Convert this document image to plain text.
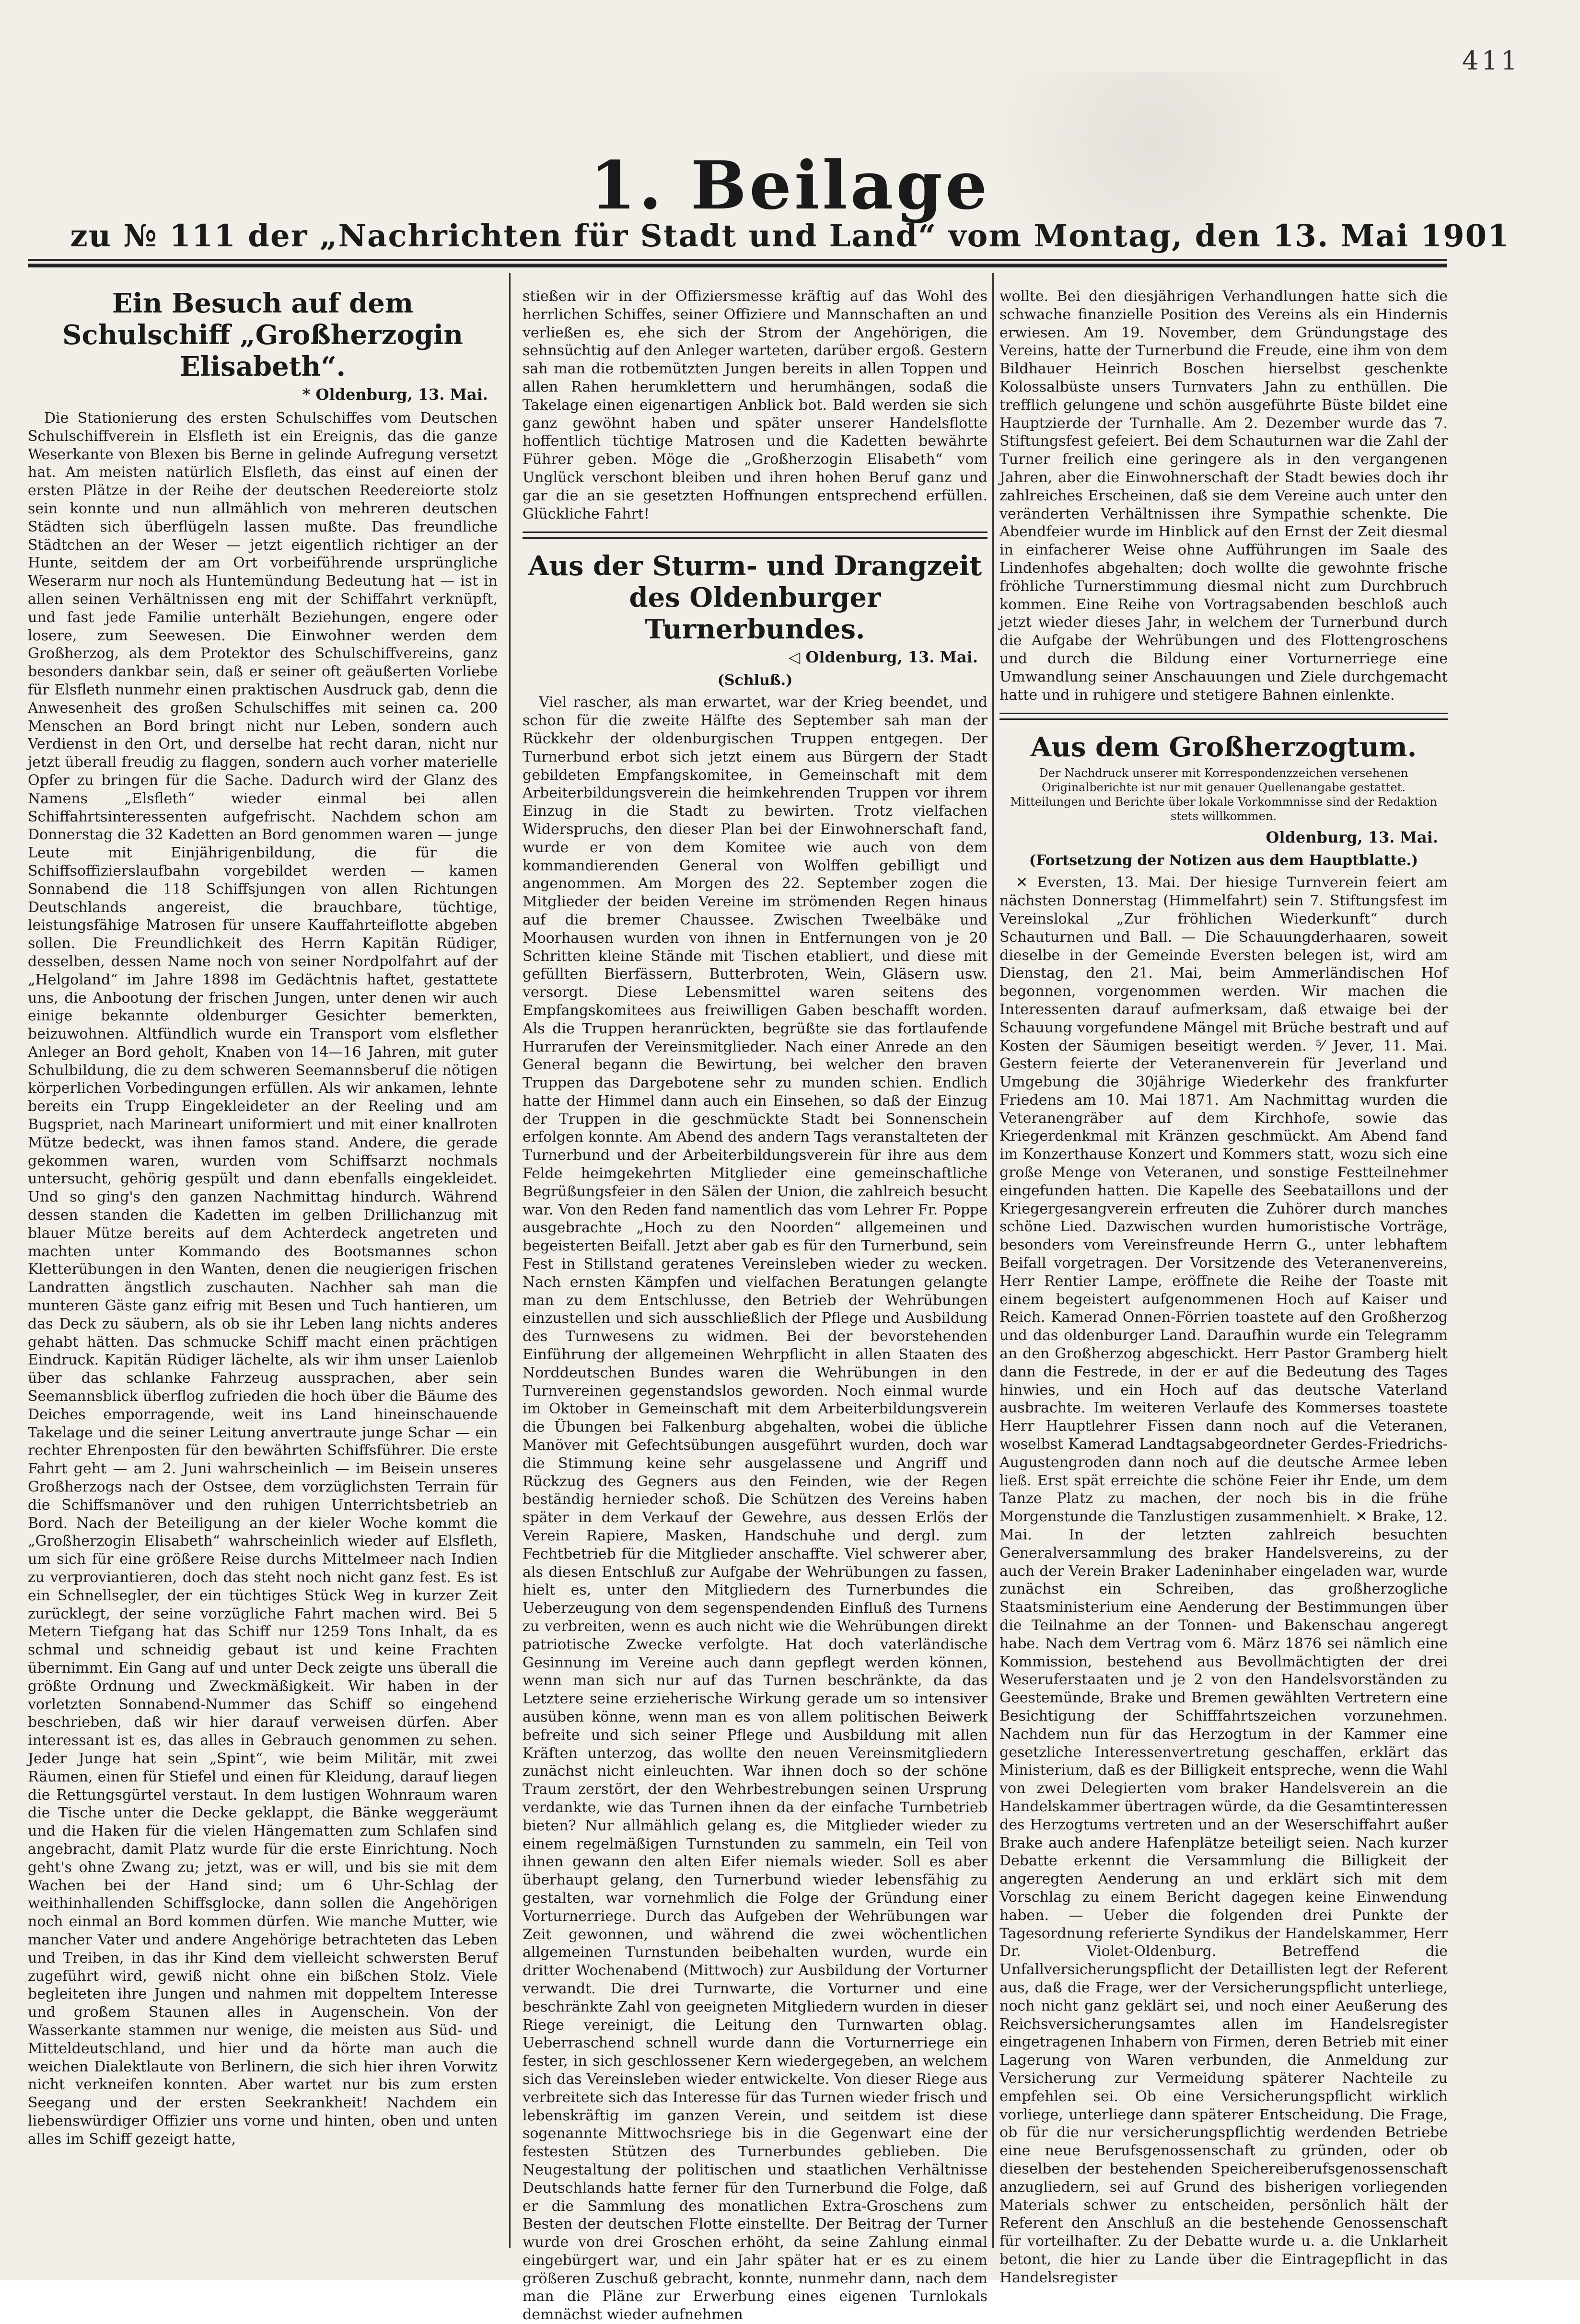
411
1. Beilage
zu № 111 der „Nachrichten für Stadt und Land“ vom Montag, den 13. Mai 1901
Ein Besuch auf dem Schulschiff „Großherzogin Elisabeth“.
* Oldenburg, 13. Mai.

Die Stationierung des ersten Schulschiffes vom Deutschen Schulschiffverein in Elsfleth ist ein Ereignis, das die ganze Weserkante von Blexen bis Berne in gelinde Aufregung versetzt hat. Am meisten natürlich Elsfleth, das einst auf einen der ersten Plätze in der Reihe der deutschen Reedereiorte stolz sein konnte und nun allmählich von mehreren deutschen Städten sich überflügeln lassen mußte. Das freundliche Städtchen an der Weser — jetzt eigentlich richtiger an der Hunte, seitdem der am Ort vorbeiführende ursprüngliche Weserarm nur noch als Huntemündung Bedeutung hat — ist in allen seinen Verhältnissen eng mit der Schiffahrt verknüpft, und fast jede Familie unterhält Beziehungen, engere oder losere, zum Seewesen. Die Einwohner werden dem Großherzog, als dem Protektor des Schulschiffvereins, ganz besonders dankbar sein, daß er seiner oft geäußerten Vorliebe für Elsfleth nunmehr einen praktischen Ausdruck gab, denn die Anwesenheit des großen Schulschiffes mit seinen ca. 200 Menschen an Bord bringt nicht nur Leben, sondern auch Verdienst in den Ort, und derselbe hat recht daran, nicht nur jetzt überall freudig zu flaggen, sondern auch vorher materielle Opfer zu bringen für die Sache. Dadurch wird der Glanz des Namens „Elsfleth“ wieder einmal bei allen Schiffahrtsinteressenten aufgefrischt. Nachdem schon am Donnerstag die 32 Kadetten an Bord genommen waren — junge Leute mit Einjährigenbildung, die für die Schiffsoffizierslaufbahn vorgebildet werden — kamen Sonnabend die 118 Schiffsjungen von allen Richtungen Deutschlands angereist, die brauchbare, tüchtige, leistungsfähige Matrosen für unsere Kauffahrteiflotte abgeben sollen. Die Freundlichkeit des Herrn Kapitän Rüdiger, desselben, dessen Name noch von seiner Nordpolfahrt auf der „Helgoland“ im Jahre 1898 im Gedächtnis haftet, gestattete uns, die Anbootung der frischen Jungen, unter denen wir auch einige bekannte oldenburger Gesichter bemerkten, beizuwohnen. Altfündlich wurde ein Transport vom elsflether Anleger an Bord geholt, Knaben von 14—16 Jahren, mit guter Schulbildung, die zu dem schweren Seemannsberuf die nötigen körperlichen Vorbedingungen erfüllen. Als wir ankamen, lehnte bereits ein Trupp Eingekleideter an der Reeling und am Bugspriet, nach Marineart uniformiert und mit einer knallroten Mütze bedeckt, was ihnen famos stand. Andere, die gerade gekommen waren, wurden vom Schiffsarzt nochmals untersucht, gehörig gespült und dann ebenfalls eingekleidet. Und so ging's den ganzen Nachmittag hindurch. Während dessen standen die Kadetten im gelben Drillichanzug mit blauer Mütze bereits auf dem Achterdeck angetreten und machten unter Kommando des Bootsmannes schon Kletterübungen in den Wanten, denen die neugierigen frischen Landratten ängstlich zuschauten. Nachher sah man die munteren Gäste ganz eifrig mit Besen und Tuch hantieren, um das Deck zu säubern, als ob sie ihr Leben lang nichts anderes gehabt hätten. Das schmucke Schiff macht einen prächtigen Eindruck. Kapitän Rüdiger lächelte, als wir ihm unser Laienlob über das schlanke Fahrzeug aussprachen, aber sein Seemannsblick überflog zufrieden die hoch über die Bäume des Deiches emporragende, weit ins Land hineinschauende Takelage und die seiner Leitung anvertraute junge Schar — ein rechter Ehrenposten für den bewährten Schiffsführer. Die erste Fahrt geht — am 2. Juni wahrscheinlich — im Beisein unseres Großherzogs nach der Ostsee, dem vorzüglichsten Terrain für die Schiffsmanöver und den ruhigen Unterrichtsbetrieb an Bord. Nach der Beteiligung an der kieler Woche kommt die „Großherzogin Elisabeth“ wahrscheinlich wieder auf Elsfleth, um sich für eine größere Reise durchs Mittelmeer nach Indien zu verproviantieren, doch das steht noch nicht ganz fest. Es ist ein Schnellsegler, der ein tüchtiges Stück Weg in kurzer Zeit zurücklegt, der seine vorzügliche Fahrt machen wird. Bei 5 Metern Tiefgang hat das Schiff nur 1259 Tons Inhalt, da es schmal und schneidig gebaut ist und keine Frachten übernimmt. Ein Gang auf und unter Deck zeigte uns überall die größte Ordnung und Zweckmäßigkeit. Wir haben in der vorletzten Sonnabend-Nummer das Schiff so eingehend beschrieben, daß wir hier darauf verweisen dürfen. Aber interessant ist es, das alles in Gebrauch genommen zu sehen. Jeder Junge hat sein „Spint“, wie beim Militär, mit zwei Räumen, einen für Stiefel und einen für Kleidung, darauf liegen die Rettungsgürtel verstaut. In dem lustigen Wohnraum waren die Tische unter die Decke geklappt, die Bänke weggeräumt und die Haken für die vielen Hängematten zum Schlafen sind angebracht, damit Platz wurde für die erste Einrichtung. Noch geht's ohne Zwang zu; jetzt, was er will, und bis sie mit dem Wachen bei der Hand sind; um 6 Uhr-Schlag der weithinhallenden Schiffsglocke, dann sollen die Angehörigen noch einmal an Bord kommen dürfen. Wie manche Mutter, wie mancher Vater und andere Angehörige betrachteten das Leben und Treiben, in das ihr Kind dem vielleicht schwersten Beruf zugeführt wird, gewiß nicht ohne ein bißchen Stolz. Viele begleiteten ihre Jungen und nahmen mit doppeltem Interesse und großem Staunen alles in Augenschein. Von der Wasserkante stammen nur wenige, die meisten aus Süd- und Mitteldeutschland, und hier und da hörte man auch die weichen Dialektlaute von Berlinern, die sich hier ihren Vorwitz nicht verkneifen konnten. Aber wartet nur bis zum ersten Seegang und der ersten Seekrankheit! Nachdem ein liebenswürdiger Offizier uns vorne und hinten, oben und unten alles im Schiff gezeigt hatte,

stießen wir in der Offiziersmesse kräftig auf das Wohl des herrlichen Schiffes, seiner Offiziere und Mannschaften an und verließen es, ehe sich der Strom der Angehörigen, die sehnsüchtig auf den Anleger warteten, darüber ergoß. Gestern sah man die rotbemützten Jungen bereits in allen Toppen und allen Rahen herumklettern und herumhängen, sodaß die Takelage einen eigenartigen Anblick bot. Bald werden sie sich ganz gewöhnt haben und später unserer Handelsflotte hoffentlich tüchtige Matrosen und die Kadetten bewährte Führer geben. Möge die „Großherzogin Elisabeth“ vom Unglück verschont bleiben und ihren hohen Beruf ganz und gar die an sie gesetzten Hoffnungen entsprechend erfüllen. Glückliche Fahrt!

Aus der Sturm- und Drangzeit des Oldenburger Turnerbundes.
◁ Oldenburg, 13. Mai.
(Schluß.)

Viel rascher, als man erwartet, war der Krieg beendet, und schon für die zweite Hälfte des September sah man der Rückkehr der oldenburgischen Truppen entgegen. Der Turnerbund erbot sich jetzt einem aus Bürgern der Stadt gebildeten Empfangskomitee, in Gemeinschaft mit dem Arbeiterbildungsverein die heimkehrenden Truppen vor ihrem Einzug in die Stadt zu bewirten. Trotz vielfachen Widerspruchs, den dieser Plan bei der Einwohnerschaft fand, wurde er von dem Komitee wie auch von dem kommandierenden General von Wolffen gebilligt und angenommen. Am Morgen des 22. September zogen die Mitglieder der beiden Vereine im strömenden Regen hinaus auf die bremer Chaussee. Zwischen Tweelbäke und Moorhausen wurden von ihnen in Entfernungen von je 20 Schritten kleine Stände mit Tischen etabliert, und diese mit gefüllten Bierfässern, Butterbroten, Wein, Gläsern usw. versorgt. Diese Lebensmittel waren seitens des Empfangskomitees aus freiwilligen Gaben beschafft worden. Als die Truppen heranrückten, begrüßte sie das fortlaufende Hurrarufen der Vereinsmitglieder. Nach einer Anrede an den General begann die Bewirtung, bei welcher den braven Truppen das Dargebotene sehr zu munden schien. Endlich hatte der Himmel dann auch ein Einsehen, so daß der Einzug der Truppen in die geschmückte Stadt bei Sonnenschein erfolgen konnte. Am Abend des andern Tags veranstalteten der Turnerbund und der Arbeiterbildungsverein für ihre aus dem Felde heimgekehrten Mitglieder eine gemeinschaftliche Begrüßungsfeier in den Sälen der Union, die zahlreich besucht war. Von den Reden fand namentlich das vom Lehrer Fr. Poppe ausgebrachte „Hoch zu den Noorden“ allgemeinen und begeisterten Beifall. Jetzt aber gab es für den Turnerbund, sein Fest in Stillstand geratenes Vereinsleben wieder zu wecken. Nach ernsten Kämpfen und vielfachen Beratungen gelangte man zu dem Entschlusse, den Betrieb der Wehrübungen einzustellen und sich ausschließlich der Pflege und Ausbildung des Turnwesens zu widmen. Bei der bevorstehenden Einführung der allgemeinen Wehrpflicht in allen Staaten des Norddeutschen Bundes waren die Wehrübungen in den Turnvereinen gegenstandslos geworden. Noch einmal wurde im Oktober in Gemeinschaft mit dem Arbeiterbildungsverein die Übungen bei Falkenburg abgehalten, wobei die übliche Manöver mit Gefechtsübungen ausgeführt wurden, doch war die Stimmung keine sehr ausgelassene und Angriff und Rückzug des Gegners aus den Feinden, wie der Regen beständig hernieder schoß. Die Schützen des Vereins haben später in dem Verkauf der Gewehre, aus dessen Erlös der Verein Rapiere, Masken, Handschuhe und dergl. zum Fechtbetrieb für die Mitglieder anschaffte. Viel schwerer aber, als diesen Entschluß zur Aufgabe der Wehrübungen zu fassen, hielt es, unter den Mitgliedern des Turnerbundes die Ueberzeugung von dem segenspendenden Einfluß des Turnens zu verbreiten, wenn es auch nicht wie die Wehrübungen direkt patriotische Zwecke verfolgte. Hat doch vaterländische Gesinnung im Vereine auch dann gepflegt werden können, wenn man sich nur auf das Turnen beschränkte, da das Letztere seine erzieherische Wirkung gerade um so intensiver ausüben könne, wenn man es von allem politischen Beiwerk befreite und sich seiner Pflege und Ausbildung mit allen Kräften unterzog, das wollte den neuen Vereinsmitgliedern zunächst nicht einleuchten. War ihnen doch so der schöne Traum zerstört, der den Wehrbestrebungen seinen Ursprung verdankte, wie das Turnen ihnen da der einfache Turnbetrieb bieten? Nur allmählich gelang es, die Mitglieder wieder zu einem regelmäßigen Turnstunden zu sammeln, ein Teil von ihnen gewann den alten Eifer niemals wieder. Soll es aber überhaupt gelang, den Turnerbund wieder lebensfähig zu gestalten, war vornehmlich die Folge der Gründung einer Vorturnerriege. Durch das Aufgeben der Wehrübungen war Zeit gewonnen, und während die zwei wöchentlichen allgemeinen Turnstunden beibehalten wurden, wurde ein dritter Wochenabend (Mittwoch) zur Ausbildung der Vorturner verwandt. Die drei Turnwarte, die Vorturner und eine beschränkte Zahl von geeigneten Mitgliedern wurden in dieser Riege vereinigt, die Leitung den Turnwarten oblag. Ueberraschend schnell wurde dann die Vorturnerriege ein fester, in sich geschlossener Kern wiedergegeben, an welchem sich das Vereinsleben wieder entwickelte. Von dieser Riege aus verbreitete sich das Interesse für das Turnen wieder frisch und lebenskräftig im ganzen Verein, und seitdem ist diese sogenannte Mittwochsriege bis in die Gegenwart eine der festesten Stützen des Turnerbundes geblieben. Die Neugestaltung der politischen und staatlichen Verhältnisse Deutschlands hatte ferner für den Turnerbund die Folge, daß er die Sammlung des monatlichen Extra-Groschens zum Besten der deutschen Flotte einstellte. Der Beitrag der Turner wurde von drei Groschen erhöht, da seine Zahlung einmal eingebürgert war, und ein Jahr später hat er es zu einem größeren Zuschuß gebracht, konnte, nunmehr dann, nach dem man die Pläne zur Erwerbung eines eigenen Turnlokals demnächst wieder aufnehmen

wollte. Bei den diesjährigen Verhandlungen hatte sich die schwache finanzielle Position des Vereins als ein Hindernis erwiesen. Am 19. November, dem Gründungstage des Vereins, hatte der Turnerbund die Freude, eine ihm von dem Bildhauer Heinrich Boschen hierselbst geschenkte Kolossalbüste unsers Turnvaters Jahn zu enthüllen. Die trefflich gelungene und schön ausgeführte Büste bildet eine Hauptzierde der Turnhalle. Am 2. Dezember wurde das 7. Stiftungsfest gefeiert. Bei dem Schauturnen war die Zahl der Turner freilich eine geringere als in den vergangenen Jahren, aber die Einwohnerschaft der Stadt bewies doch ihr zahlreiches Erscheinen, daß sie dem Vereine auch unter den veränderten Verhältnissen ihre Sympathie schenkte. Die Abendfeier wurde im Hinblick auf den Ernst der Zeit diesmal in einfacherer Weise ohne Aufführungen im Saale des Lindenhofes abgehalten; doch wollte die gewohnte frische fröhliche Turnerstimmung diesmal nicht zum Durchbruch kommen. Eine Reihe von Vortragsabenden beschloß auch jetzt wieder dieses Jahr, in welchem der Turnerbund durch die Aufgabe der Wehrübungen und des Flottengroschens und durch die Bildung einer Vorturnerriege eine Umwandlung seiner Anschauungen und Ziele durchgemacht hatte und in ruhigere und stetigere Bahnen einlenkte.

Aus dem Großherzogtum.
Der Nachdruck unserer mit Korrespondenzzeichen versehenen Originalberichte ist nur mit genauer Quellenangabe gestattet. Mitteilungen und Berichte über lokale Vorkommnisse sind der Redaktion stets willkommen.
Oldenburg, 13. Mai.
(Fortsetzung der Notizen aus dem Hauptblatte.)

✕ Eversten, 13. Mai. Der hiesige Turnverein feiert am nächsten Donnerstag (Himmelfahrt) sein 7. Stiftungsfest im Vereinslokal „Zur fröhlichen Wiederkunft“ durch Schauturnen und Ball. — Die Schauungderhaaren, soweit dieselbe in der Gemeinde Eversten belegen ist, wird am Dienstag, den 21. Mai, beim Ammerländischen Hof begonnen, vorgenommen werden. Wir machen die Interessenten darauf aufmerksam, daß etwaige bei der Schauung vorgefundene Mängel mit Brüche bestraft und auf Kosten der Säumigen beseitigt werden. ⁵⁄ Jever, 11. Mai. Gestern feierte der Veteranenverein für Jeverland und Umgebung die 30jährige Wiederkehr des frankfurter Friedens am 10. Mai 1871. Am Nachmittag wurden die Veteranengräber auf dem Kirchhofe, sowie das Kriegerdenkmal mit Kränzen geschmückt. Am Abend fand im Konzerthause Konzert und Kommers statt, wozu sich eine große Menge von Veteranen, und sonstige Festteilnehmer eingefunden hatten. Die Kapelle des Seebataillons und der Kriegergesangverein erfreuten die Zuhörer durch manches schöne Lied. Dazwischen wurden humoristische Vorträge, besonders vom Vereinsfreunde Herrn G., unter lebhaftem Beifall vorgetragen. Der Vorsitzende des Veteranenvereins, Herr Rentier Lampe, eröffnete die Reihe der Toaste mit einem begeistert aufgenommenen Hoch auf Kaiser und Reich. Kamerad Onnen-Förrien toastete auf den Großherzog und das oldenburger Land. Daraufhin wurde ein Telegramm an den Großherzog abgeschickt. Herr Pastor Gramberg hielt dann die Festrede, in der er auf die Bedeutung des Tages hinwies, und ein Hoch auf das deutsche Vaterland ausbrachte. Im weiteren Verlaufe des Kommerses toastete Herr Hauptlehrer Fissen dann noch auf die Veteranen, woselbst Kamerad Landtagsabgeordneter Gerdes-Friedrichs-Augustengroden dann noch auf die deutsche Armee leben ließ. Erst spät erreichte die schöne Feier ihr Ende, um dem Tanze Platz zu machen, der noch bis in die frühe Morgenstunde die Tanzlustigen zusammenhielt. ✕ Brake, 12. Mai. In der letzten zahlreich besuchten Generalversammlung des braker Handelsvereins, zu der auch der Verein Braker Ladeninhaber eingeladen war, wurde zunächst ein Schreiben, das großherzogliche Staatsministerium eine Aenderung der Bestimmungen über die Teilnahme an der Tonnen- und Bakenschau angeregt habe. Nach dem Vertrag vom 6. März 1876 sei nämlich eine Kommission, bestehend aus Bevollmächtigten der drei Weseruferstaaten und je 2 von den Handelsvorständen zu Geestemünde, Brake und Bremen gewählten Vertretern eine Besichtigung der Schifffahrtszeichen vorzunehmen. Nachdem nun für das Herzogtum in der Kammer eine gesetzliche Interessenvertretung geschaffen, erklärt das Ministerium, daß es der Billigkeit entspreche, wenn die Wahl von zwei Delegierten vom braker Handelsverein an die Handelskammer übertragen würde, da die Gesamtinteressen des Herzogtums vertreten und an der Weserschiffahrt außer Brake auch andere Hafenplätze beteiligt seien. Nach kurzer Debatte erkennt die Versammlung die Billigkeit der angeregten Aenderung an und erklärt sich mit dem Vorschlag zu einem Bericht dagegen keine Einwendung haben. — Ueber die folgenden drei Punkte der Tagesordnung referierte Syndikus der Handelskammer, Herr Dr. Violet-Oldenburg. Betreffend die Unfallversicherungspflicht der Detaillisten legt der Referent aus, daß die Frage, wer der Versicherungspflicht unterliege, noch nicht ganz geklärt sei, und noch einer Aeußerung des Reichsversicherungsamtes allen im Handelsregister eingetragenen Inhabern von Firmen, deren Betrieb mit einer Lagerung von Waren verbunden, die Anmeldung zur Versicherung zur Vermeidung späterer Nachteile zu empfehlen sei. Ob eine Versicherungspflicht wirklich vorliege, unterliege dann späterer Entscheidung. Die Frage, ob für die nur versicherungspflichtig werdenden Betriebe eine neue Berufsgenossenschaft zu gründen, oder ob dieselben der bestehenden Speichereiberufsgenossenschaft anzugliedern, sei auf Grund des bisherigen vorliegenden Materials schwer zu entscheiden, persönlich hält der Referent den Anschluß an die bestehende Genossenschaft für vorteilhafter. Zu der Debatte wurde u. a. die Unklarheit betont, die hier zu Lande über die Eintragepflicht in das Handelsregister
